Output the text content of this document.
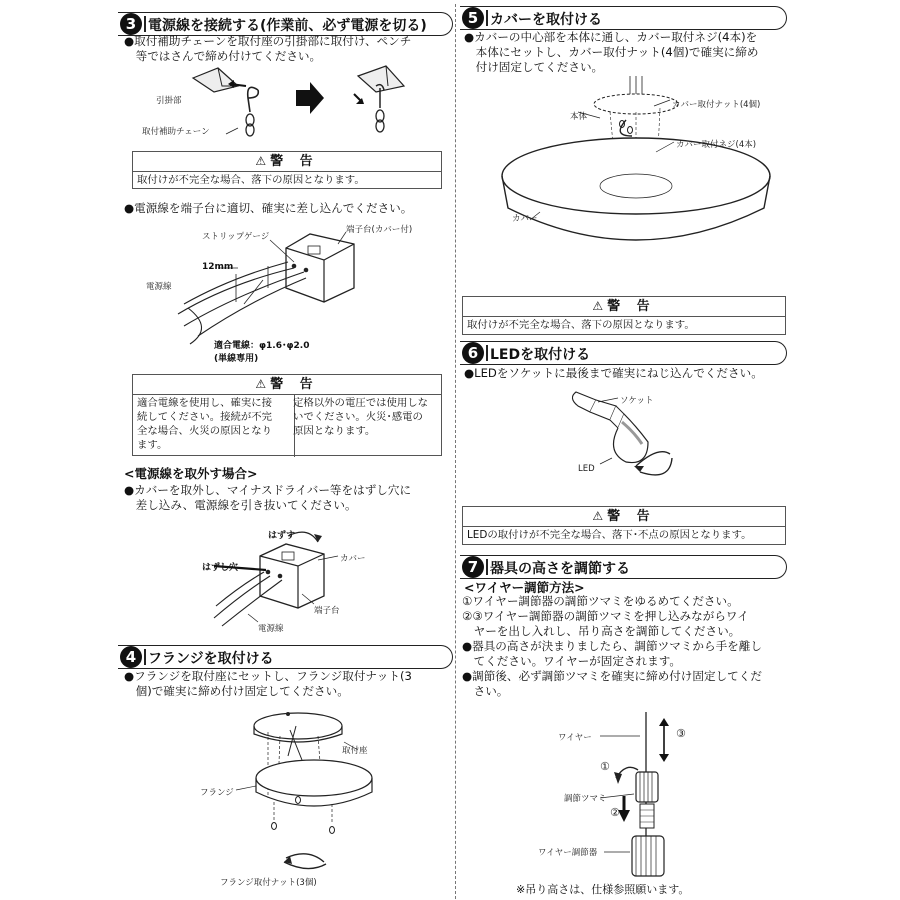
3 電源線を接続する(作業前、必ず電源を切る)
●取付補助チェーンを取付座の引掛部に取付け、ペンチ
　等ではさんで締め付けてください。
引掛部
取付補助チェーン
⚠ 警 告
取付けが不完全な場合、落下の原因となります。
●電源線を端子台に適切、確実に差し込んでください。
ストリップゲージ
端子台(カバー付)
12mm
電源線
適合電線：φ1.6･φ2.0
(単線専用)
⚠ 警 告
適合電線を使用し、確実に接
続してください。接続が不完
全な場合、火災の原因となり
ます。
定格以外の電圧では使用しな
いでください。火災･感電の
原因となります。
<電源線を取外す場合>
●カバーを取外し、マイナスドライバー等をはずし穴に
　差し込み、電源線を引き抜いてください。
はずす
はずし穴
カバー
端子台
電源線
4 フランジを取付ける
●フランジを取付座にセットし、フランジ取付ナット(3
　個)で確実に締め付け固定してください。
取付座
フランジ
フランジ取付ナット(3個)
5 カバーを取付ける
●カバーの中心部を本体に通し、カバー取付ネジ(4本)を
　本体にセットし、カバー取付ナット(4個)で確実に締め
　付け固定してください。
本体
カバー取付ナット(4個)
カバー取付ネジ(4本)
カバー
⚠ 警 告
取付けが不完全な場合、落下の原因となります。
6 LEDを取付ける
●LEDをソケットに最後まで確実にねじ込んでください。
ソケット
LED
⚠ 警 告
LEDの取付けが不完全な場合、落下･不点の原因となります。
7 器具の高さを調節する
<ワイヤー調節方法>
①ワイヤー調節器の調節ツマミをゆるめてください。
②③ワイヤー調節器の調節ツマミを押し込みながらワイ
　ヤーを出し入れし、吊り高さを調節してください。
●器具の高さが決まりましたら、調節ツマミから手を離し
　てください。ワイヤーが固定されます。
●調節後、必ず調節ツマミを確実に締め付け固定してくだ
　さい。
ワイヤー	③
①
調節ツマミ
②
ワイヤー調節器
※吊り高さは、仕様参照願います。
